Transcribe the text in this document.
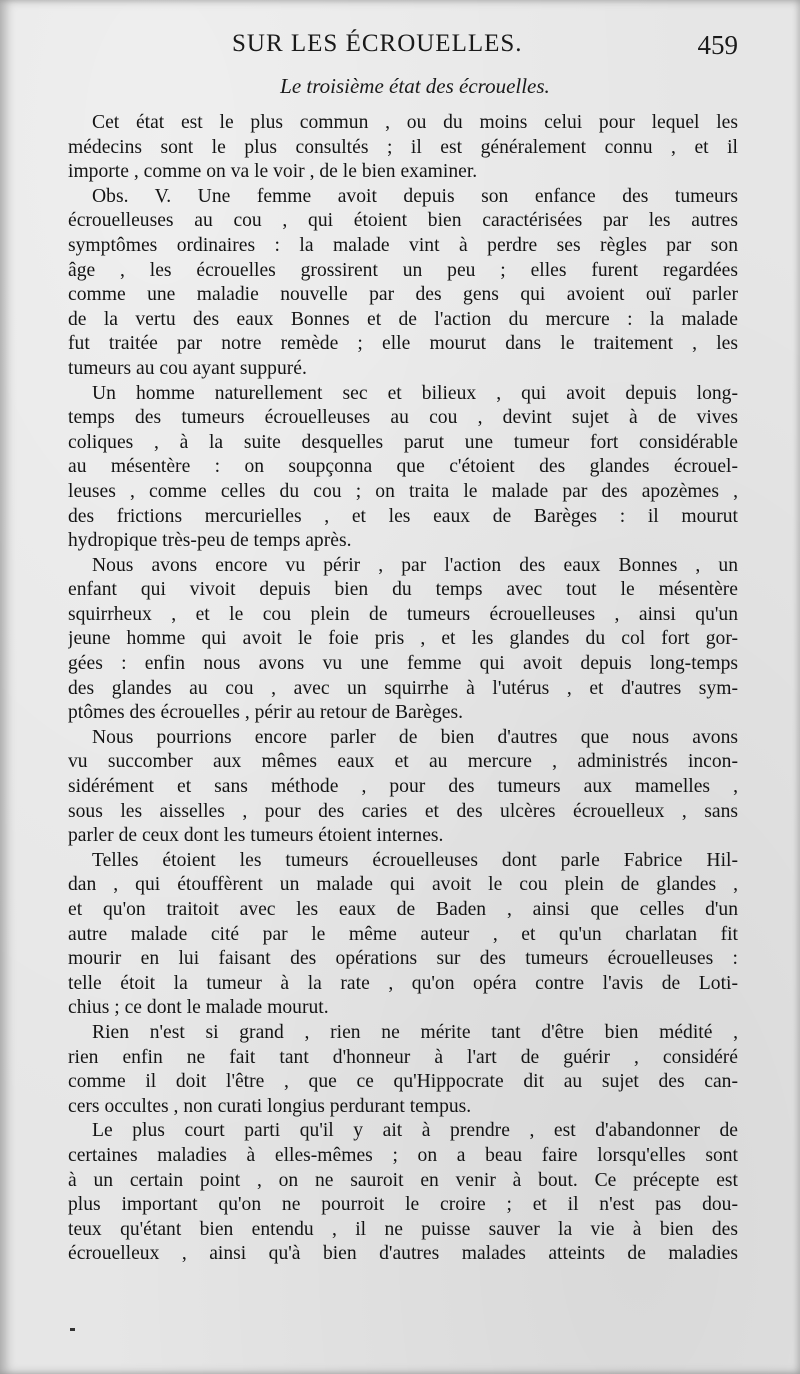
SUR LES ÉCROUELLES.	459
Le troisième état des écrouelles.
Cet état est le plus commun , ou du moins celui pour lequel les
médecins sont le plus consultés ; il est généralement connu , et il
importe , comme on va le voir , de le bien examiner.
Obs. V. Une femme avoit depuis son enfance des tumeurs
écrouelleuses au cou , qui étoient bien caractérisées par les autres
symptômes ordinaires : la malade vint à perdre ses règles par son
âge , les écrouelles grossirent un peu ; elles furent regardées
comme une maladie nouvelle par des gens qui avoient ouï parler
de la vertu des eaux Bonnes et de l'action du mercure : la malade
fut traitée par notre remède ; elle mourut dans le traitement , les
tumeurs au cou ayant suppuré.
Un homme naturellement sec et bilieux , qui avoit depuis long-
temps des tumeurs écrouelleuses au cou , devint sujet à de vives
coliques , à la suite desquelles parut une tumeur fort considérable
au mésentère : on soupçonna que c'étoient des glandes écrouel-
leuses , comme celles du cou ; on traita le malade par des apozèmes ,
des frictions mercurielles , et les eaux de Barèges : il mourut
hydropique très-peu de temps après.
Nous avons encore vu périr , par l'action des eaux Bonnes , un
enfant qui vivoit depuis bien du temps avec tout le mésentère
squirrheux , et le cou plein de tumeurs écrouelleuses , ainsi qu'un
jeune homme qui avoit le foie pris , et les glandes du col fort gor-
gées : enfin nous avons vu une femme qui avoit depuis long-temps
des glandes au cou , avec un squirrhe à l'utérus , et d'autres sym-
ptômes des écrouelles , périr au retour de Barèges.
Nous pourrions encore parler de bien d'autres que nous avons
vu succomber aux mêmes eaux et au mercure , administrés incon-
sidérément et sans méthode , pour des tumeurs aux mamelles ,
sous les aisselles , pour des caries et des ulcères écrouelleux , sans
parler de ceux dont les tumeurs étoient internes.
Telles étoient les tumeurs écrouelleuses dont parle Fabrice Hil-
dan , qui étouffèrent un malade qui avoit le cou plein de glandes ,
et qu'on traitoit avec les eaux de Baden , ainsi que celles d'un
autre malade cité par le même auteur , et qu'un charlatan fit
mourir en lui faisant des opérations sur des tumeurs écrouelleuses :
telle étoit la tumeur à la rate , qu'on opéra contre l'avis de Loti-
chius ; ce dont le malade mourut.
Rien n'est si grand , rien ne mérite tant d'être bien médité ,
rien enfin ne fait tant d'honneur à l'art de guérir , considéré
comme il doit l'être , que ce qu'Hippocrate dit au sujet des can-
cers occultes , non curati longius perdurant tempus.
Le plus court parti qu'il y ait à prendre , est d'abandonner de
certaines maladies à elles-mêmes ; on a beau faire lorsqu'elles sont
à un certain point , on ne sauroit en venir à bout. Ce précepte est
plus important qu'on ne pourroit le croire ; et il n'est pas dou-
teux qu'étant bien entendu , il ne puisse sauver la vie à bien des
écrouelleux , ainsi qu'à bien d'autres malades atteints de maladies
